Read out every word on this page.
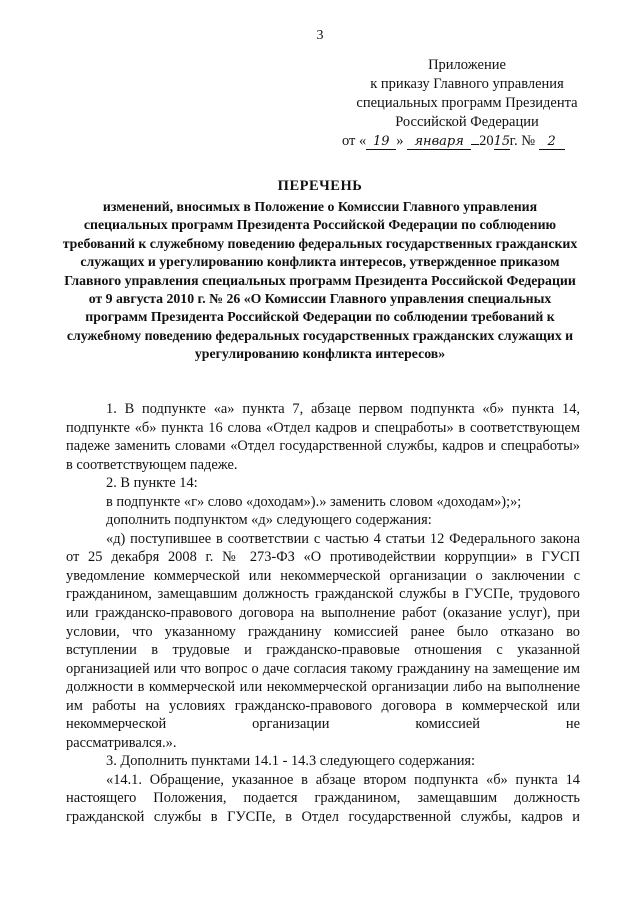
3
Приложение
к приказу Главного управления
специальных программ Президента
Российской Федерации
от « 19 » января 2015г. № 2
ПЕРЕЧЕНЬ
изменений, вносимых в Положение о Комиссии Главного управления специальных программ Президента Российской Федерации по соблюдению требований к служебному поведению федеральных государственных гражданских служащих и урегулированию конфликта интересов, утвержденное приказом Главного управления специальных программ Президента Российской Федерации от 9 августа 2010 г. № 26 «О Комиссии Главного управления специальных программ Президента Российской Федерации по соблюдении требований к служебному поведению федеральных государственных гражданских служащих и урегулированию конфликта интересов»

1. В подпункте «а» пункта 7, абзаце первом подпункта «б» пункта 14, подпункте «б» пункта 16 слова «Отдел кадров и спецработы» в соответствующем падеже заменить словами «Отдел государственной службы, кадров и спецработы» в соответствующем падеже.

2. В пункте 14:

в подпункте «г» слово «доходам»).» заменить словом «доходам»);»;

дополнить подпунктом «д» следующего содержания:

«д) поступившее в соответствии с частью 4 статьи 12 Федерального закона от 25 декабря 2008 г. № 273-ФЗ «О противодействии коррупции» в ГУСП уведомление коммерческой или некоммерческой организации о заключении с гражданином, замещавшим должность гражданской службы в ГУСПе, трудового или гражданско-правового договора на выполнение работ (оказание услуг), при условии, что указанному гражданину комиссией ранее было отказано во вступлении в трудовые и гражданско-правовые отношения с указанной организацией или что вопрос о даче согласия такому гражданину на замещение им должности в коммерческой или некоммерческой организации либо на выполнение им работы на условиях гражданско-правового договора в коммерческой или некоммерческой организации комиссией не

рассматривался.».

3. Дополнить пунктами 14.1 - 14.3 следующего содержания:

«14.1. Обращение, указанное в абзаце втором подпункта «б» пункта 14 настоящего Положения, подается гражданином, замещавшим должность гражданской службы в ГУСПе, в Отдел государственной службы, кадров и
